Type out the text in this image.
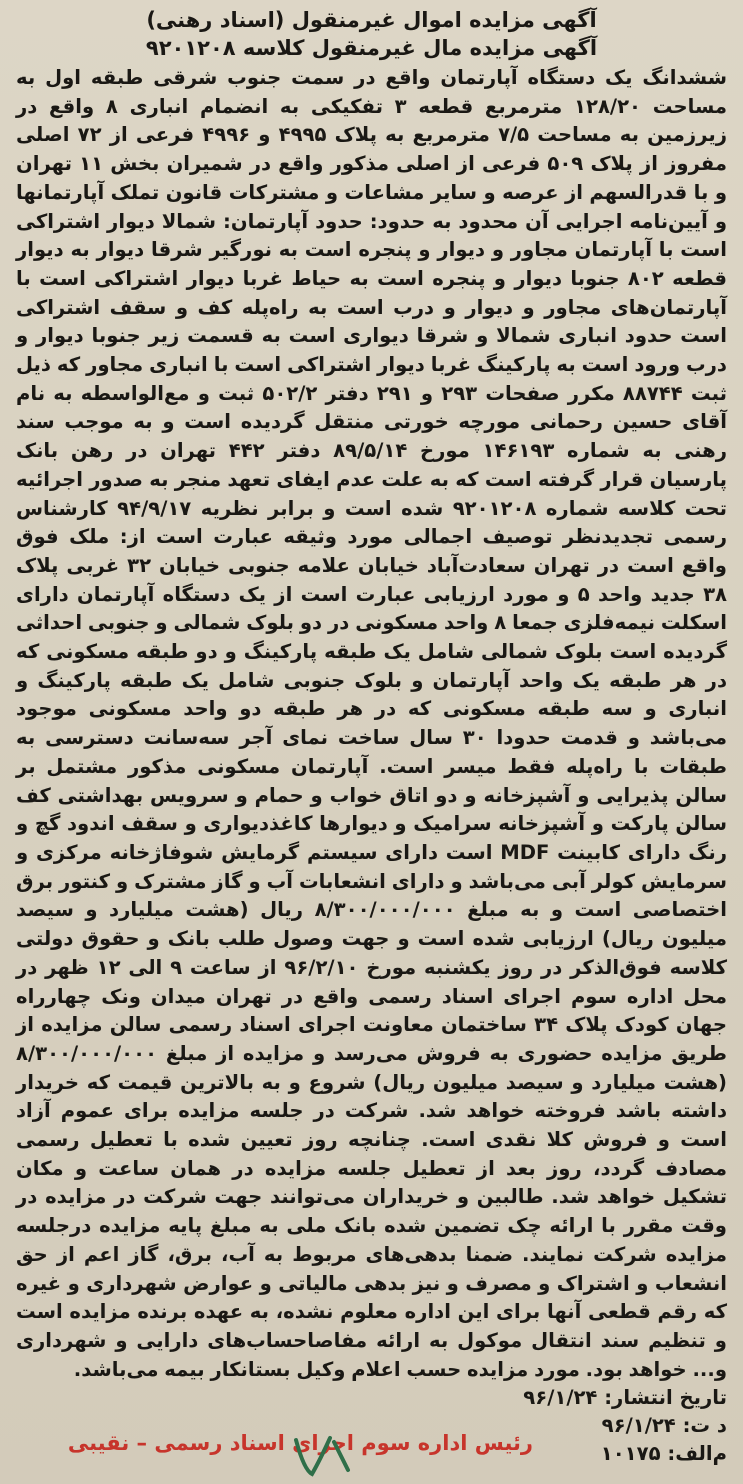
آگهی مزایده اموال غیرمنقول (اسناد رهنی)
آگهی مزایده مال غیرمنقول کلاسه ۹۲۰۱۲۰۸

ششدانگ یک دستگاه آپارتمان واقع در سمت جنوب شرقی طبقه اول به مساحت ۱۲۸/۲۰ مترمربع قطعه ۳ تفکیکی به انضمام انباری ۸ واقع در زیرزمین به مساحت ۷/۵ مترمربع به پلاک ۴۹۹۵ و ۴۹۹۶ فرعی از ۷۲ اصلی مفروز از پلاک ۵۰۹ فرعی از اصلی مذکور واقع در شمیران بخش ۱۱ تهران و با قدرالسهم از عرصه و سایر مشاعات و مشترکات قانون تملک آپارتمانها و آیین‌نامه اجرایی آن محدود به حدود: حدود آپارتمان: شمالا دیوار اشتراکی است با آپارتمان مجاور و دیوار و پنجره است به نورگیر شرقا دیوار به دیوار قطعه ۸۰۲ جنوبا دیوار و پنجره است به حیاط غربا دیوار اشتراکی است با آپارتمان‌های مجاور و دیوار و درب است به راه‌پله کف و سقف اشتراکی است حدود انباری شمالا و شرقا دیواری است به قسمت زیر جنوبا دیوار و درب ورود است به پارکینگ غربا دیوار اشتراکی است با انباری مجاور که ذیل ثبت ۸۸۷۴۴ مکرر صفحات ۲۹۳ و ۲۹۱ دفتر ۵۰۲/۲ ثبت و مع‌الواسطه به نام آقای حسین رحمانی مورچه خورتی منتقل گردیده است و به موجب سند رهنی به شماره ۱۴۶۱۹۳ مورخ ۸۹/۵/۱۴ دفتر ۴۴۲ تهران در رهن بانک پارسیان قرار گرفته است که به علت عدم ایفای تعهد منجر به صدور اجرائیه تحت کلاسه شماره ۹۲۰۱۲۰۸ شده است و برابر نظریه ۹۴/۹/۱۷ کارشناس رسمی تجدیدنظر توصیف اجمالی مورد وثیقه عبارت است از: ملک فوق واقع است در تهران سعادت‌آباد خیابان علامه جنوبی خیابان ۳۲ غربی پلاک ۳۸ جدید واحد ۵ و مورد ارزیابی عبارت است از یک دستگاه آپارتمان دارای اسکلت نیمه‌فلزی جمعا ۸ واحد مسکونی در دو بلوک شمالی و جنوبی احداثی گردیده است بلوک شمالی شامل یک طبقه پارکینگ و دو طبقه مسکونی که در هر طبقه یک واحد آپارتمان و بلوک جنوبی شامل یک طبقه پارکینگ و انباری و سه طبقه مسکونی که در هر طبقه دو واحد مسکونی موجود می‌باشد و قدمت حدودا ۳۰ سال ساخت نمای آجر سه‌سانت دسترسی به طبقات با راه‌پله فقط میسر است. آپارتمان مسکونی مذکور مشتمل بر سالن پذیرایی و آشپزخانه و دو اتاق خواب و حمام و سرویس بهداشتی کف سالن پارکت و آشپزخانه سرامیک و دیوارها کاغذدیواری و سقف اندود گچ و رنگ دارای کابینت MDF است دارای سیستم گرمایش شوفاژخانه مرکزی و سرمایش کولر آبی می‌باشد و دارای انشعابات آب و گاز مشترک و کنتور برق اختصاصی است و به مبلغ ۸/۳۰۰/۰۰۰/۰۰۰ ریال (هشت میلیارد و سیصد میلیون ریال) ارزیابی شده است و جهت وصول طلب بانک و حقوق دولتی کلاسه فوق‌الذکر در روز یکشنبه مورخ ۹۶/۲/۱۰ از ساعت ۹ الی ۱۲ ظهر در محل اداره سوم اجرای اسناد رسمی واقع در تهران میدان ونک چهارراه جهان کودک پلاک ۳۴ ساختمان معاونت اجرای اسناد رسمی سالن مزایده از طریق مزایده حضوری به فروش می‌رسد و مزایده از مبلغ ۸/۳۰۰/۰۰۰/۰۰۰ (هشت میلیارد و سیصد میلیون ریال) شروع و به بالاترین قیمت که خریدار داشته باشد فروخته خواهد شد. شرکت در جلسه مزایده برای عموم آزاد است و فروش کلا نقدی است. چنانچه روز تعیین شده با تعطیل رسمی مصادف گردد، روز بعد از تعطیل جلسه مزایده در همان ساعت و مکان تشکیل خواهد شد. طالبین و خریداران می‌توانند جهت شرکت در مزایده در وقت مقرر با ارائه چک تضمین شده بانک ملی به مبلغ پایه مزایده درجلسه مزایده شرکت نمایند. ضمنا بدهی‌های مربوط به آب، برق، گاز اعم از حق انشعاب و اشتراک و مصرف و نیز بدهی مالیاتی و عوارض شهرداری و غیره که رقم قطعی آنها برای این اداره معلوم نشده، به عهده برنده مزایده است و تنظیم سند انتقال موکول به ارائه مفاصاحساب‌های دارایی و شهرداری و... خواهد بود. مورد مزایده حسب اعلام وکیل بستانکار بیمه می‌باشد.

تاریخ انتشار: ۹۶/۱/۲۴
د ت: ۹۶/۱/۲۴
م‌الف: ۱۰۱۷۵
رئیس اداره سوم اجرای اسناد رسمی – نقیبی
